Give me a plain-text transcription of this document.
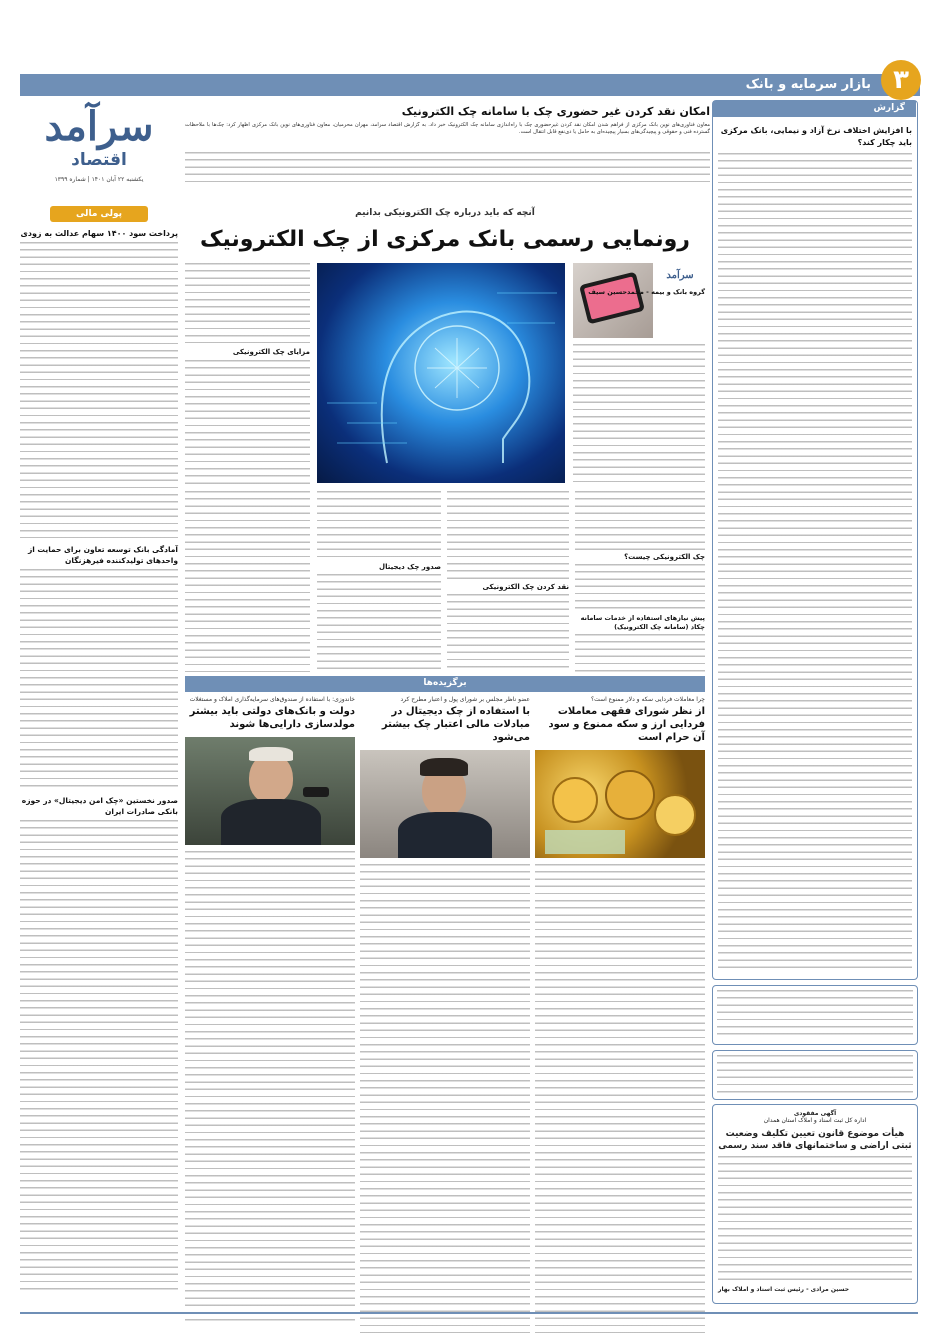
۳
بازار سرمایه و بانک
سرآمد
اقتصاد
یکشنبه ۲۲ آبان ۱۴۰۱ | شماره ۱۳۹۹
پولی مالی
پرداخت سود ۱۴۰۰ سهام عدالت به زودی
آمادگی بانک توسعه تعاون برای حمایت از واحدهای تولیدکننده فیرهزنگان
صدور نخستین «چک امن دیجیتال» در حوزه بانکی صادرات ایران
امکان نقد کردن غیر حضوری چک با سامانه چک الکترونیک
معاون فناوری‌های نوین بانک مرکزی از فراهم شدن امکان نقد کردن غیرحضوری چک با راه‌اندازی سامانه چک الکترونیک خبر داد. به گزارش اقتصاد سرآمد، مهران محرمیان، معاون فناوری‌های نوین بانک مرکزی اظهار کرد: چک‌ها با ملاحظات گسترده فنی و حقوقی و پیچیدگی‌های بسیار پیچیده‌ای به حامل یا ذی‌نفع قابل انتقال است.
گزارش
با افزایش اختلاف نرخ آزاد و نیمایی، بانک مرکزی باید چکار کند؟
آنچه که باید درباره چک الکترونیکی بدانیم
رونمایی رسمی بانک مرکزی از چک الکترونیک
سرآمد
گروه بانک و بیمه - محمدحسین سیف
مزایای چک الکترونیکی
چک الکترونیکی چیست؟
پیش نیازهای استفاده از خدمات سامانه چکاد (سامانه چک الکترونیک)
نقد کردن چک الکترونیکی
صدور چک دیجیتال
برگزیده‌ها
چرا معاملات فردایی سکه و دلار ممنوع است؟
از نظر شورای فقهی معاملات فردایی ارز و سکه ممنوع و سود آن حرام است
عضو ناظر مجلس بر شورای پول و اعتبار مطرح کرد
با استفاده از چک دیجیتال در مبادلات مالی اعتبار چک بیشتر می‌شود
خاندوزی: با استفاده از صندوق‌های سرمایه‌گذاری املاک و مستغلات
دولت و بانک‌های دولتی باید بیشتر مولدسازی دارایی‌ها شوند
آگهی مفقودی
اداره کل ثبت اسناد و املاک استان همدان
هیأت موضوع قانون تعیین تکلیف وضعیت ثبتی اراضی و ساختمانهای فاقد سند رسمی
حسین مرادی - رئیس ثبت اسناد و املاک بهار
